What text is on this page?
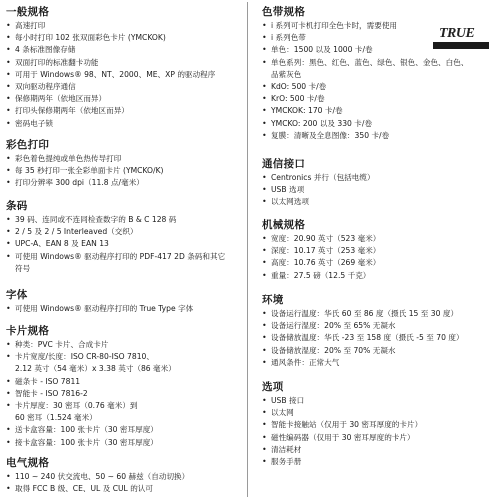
TRUE
一般规格
• 高速打印
• 每小时打印 102 张双面彩色卡片 (YMCKOK)
• 4 条标准图像存储
• 双面打印的标准翻卡功能
• 可用于 Windows® 98、NT、2000、ME、XP 的驱动程序
• 双向驱动程序通信
• 保修期两年（依地区而异）
• 打印头保修期两年（依地区而异）
• 密码电子锁
彩色打印
• 彩色着色提纯或单色热传导打印
• 每 35 秒打印一张全彩单面卡片 (YMCKO/K)
• 打印分辨率 300 dpi（11.8 点/毫米）
条码
• 39 码、连同或不连同检查数字的 B & C 128 码
• 2 / 5 及 2 / 5 Interleaved（交织）
• UPC-A、EAN 8 及 EAN 13
• 可使用 Windows® 驱动程序打印的 PDF-417 2D 条码和其它
符号
字体
• 可使用 Windows® 驱动程序打印的 True Type 字体
卡片规格
• 种类：PVC 卡片、合成卡片
• 卡片宽度/长度：ISO CR-80-ISO 7810、
2.12 英寸（54 毫米）x 3.38 英寸（86 毫米）
• 磁条卡 - ISO 7811
• 智能卡 - ISO 7816-2
• 卡片厚度：30 密耳（0.76 毫米）到
60 密耳（1.524 毫米）
• 送卡盒容量：100 张卡片（30 密耳厚度）
• 接卡盒容量：100 张卡片（30 密耳厚度）
电气规格
• 110 ~ 240 伏交流电、50 ~ 60 赫兹（自动切换）
• 取得 FCC B 级、CE、UL 及 CUL 的认可
色带规格
• i 系列可卡机打印全色卡时，需要使用
• i 系列色带
• 单色：1500 以及 1000 卡/卷
• 单色系列：黑色、红色、蓝色、绿色、银色、金色、白色、
品紫灰色
• KdO: 500 卡/卷
• KrO: 500 卡/卷
• YMCKOK: 170 卡/卷
• YMCKO: 200 以及 330 卡/卷
• 复膜：清晰及全息图像：350 卡/卷
通信接口
• Centronics 并行（包括电缆）
• USB 选项
• 以太网选项
机械规格
• 宽度：20.90 英寸（523 毫米）
• 深度：10.17 英寸（253 毫米）
• 高度：10.76 英寸（269 毫米）
• 重量：27.5 磅（12.5 千克）
环境
• 设备运行温度：华氏 60 至 86 度（摄氏 15 至 30 度）
• 设备运行湿度：20% 至 65% 无凝水
• 设备储放温度：华氏 -23 至 158 度（摄氏 -5 至 70 度）
• 设备储放湿度：20% 至 70% 无凝水
• 通风条件：正常大气
选项
• USB 接口
• 以太网
• 智能卡接触站（仅用于 30 密耳厚度的卡片）
• 磁性编码器（仅用于 30 密耳厚度的卡片）
• 清洁耗材
• 服务手册
